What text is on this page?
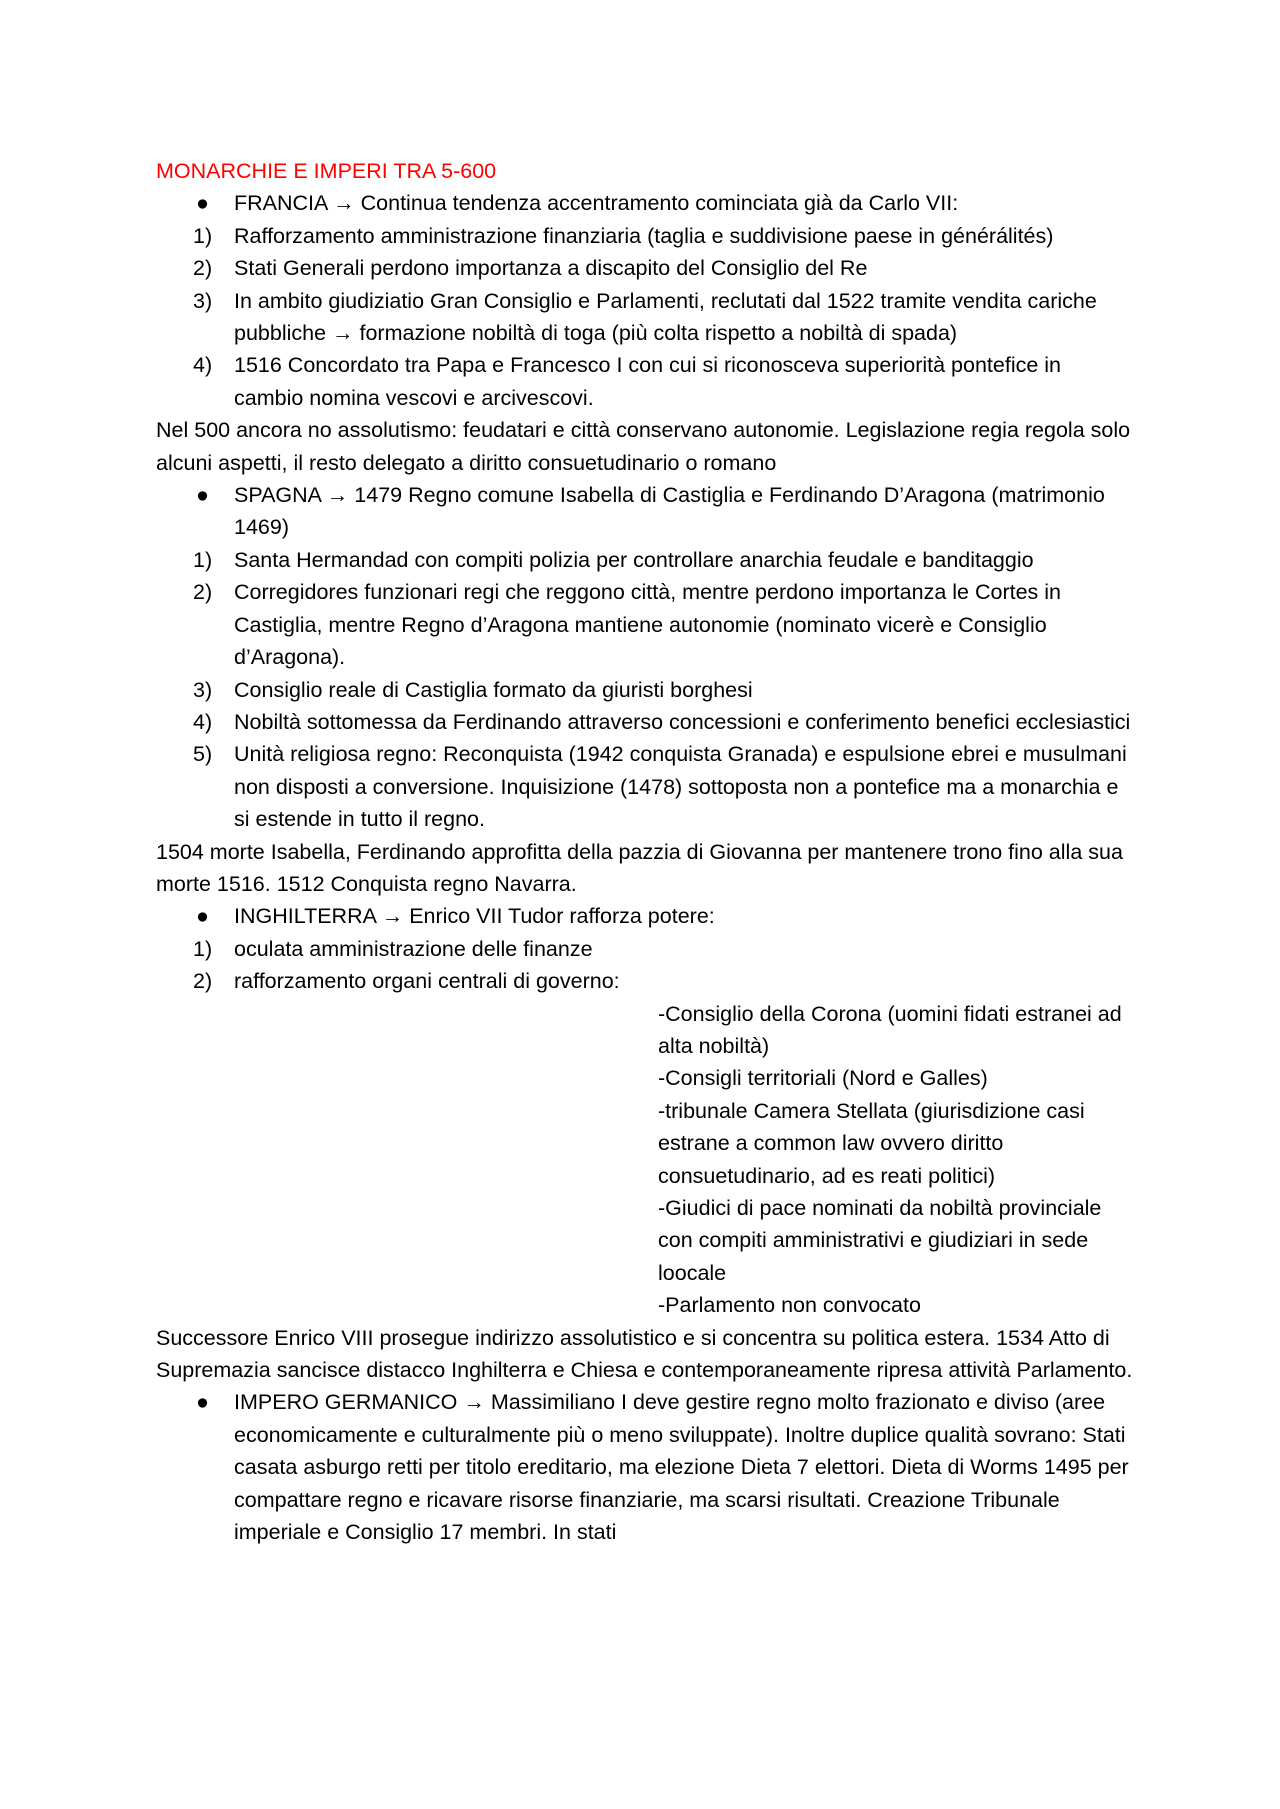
MONARCHIE E IMPERI TRA 5-600
●	FRANCIA → Continua tendenza accentramento cominciata già da Carlo VII:
1)	Rafforzamento amministrazione finanziaria (taglia e suddivisione paese in générálités)
2)	Stati Generali perdono importanza a discapito del Consiglio del Re
3)	In ambito giudiziatio Gran Consiglio e Parlamenti, reclutati dal 1522 tramite vendita cariche pubbliche → formazione nobiltà di toga (più colta rispetto a nobiltà di spada)
4)	1516 Concordato tra Papa e Francesco I con cui si riconosceva superiorità pontefice in cambio nomina vescovi e arcivescovi.

Nel 500 ancora no assolutismo: feudatari e città conservano autonomie. Legislazione regia regola solo alcuni aspetti, il resto delegato a diritto consuetudinario o romano

●	SPAGNA → 1479 Regno comune Isabella di Castiglia e Ferdinando D’Aragona (matrimonio 1469)
1)	Santa Hermandad con compiti polizia per controllare anarchia feudale e banditaggio
2)	Corregidores funzionari regi che reggono città, mentre perdono importanza le Cortes in Castiglia, mentre Regno d’Aragona mantiene autonomie (nominato vicerè e Consiglio d’Aragona).
3)	Consiglio reale di Castiglia formato da giuristi borghesi
4)	Nobiltà sottomessa da Ferdinando attraverso concessioni e conferimento benefici ecclesiastici
5)	Unità religiosa regno: Reconquista (1942 conquista Granada) e espulsione ebrei e musulmani non disposti a conversione. Inquisizione (1478) sottoposta non a pontefice ma a monarchia e si estende in tutto il regno.

1504 morte Isabella, Ferdinando approfitta della pazzia di Giovanna per mantenere trono fino alla sua morte 1516. 1512 Conquista regno Navarra.

●	INGHILTERRA → Enrico VII Tudor rafforza potere:
1)	oculata amministrazione delle finanze
2)	rafforzamento organi centrali di governo:

-Consiglio della Corona (uomini fidati estranei ad alta nobiltà)

-Consigli territoriali (Nord e Galles)

-tribunale Camera Stellata (giurisdizione casi estrane a common law ovvero diritto consuetudinario, ad es reati politici)

-Giudici di pace nominati da nobiltà provinciale con compiti amministrativi e giudiziari in sede loocale

-Parlamento non convocato

Successore Enrico VIII prosegue indirizzo assolutistico e si concentra su politica estera. 1534 Atto di Supremazia sancisce distacco Inghilterra e Chiesa e contemporaneamente ripresa attività Parlamento.

●	IMPERO GERMANICO → Massimiliano I deve gestire regno molto frazionato e diviso (aree economicamente e culturalmente più o meno sviluppate). Inoltre duplice qualità sovrano: Stati casata asburgo retti per titolo ereditario, ma elezione Dieta 7 elettori. Dieta di Worms 1495 per compattare regno e ricavare risorse finanziarie, ma scarsi risultati. Creazione Tribunale imperiale e Consiglio 17 membri. In stati
